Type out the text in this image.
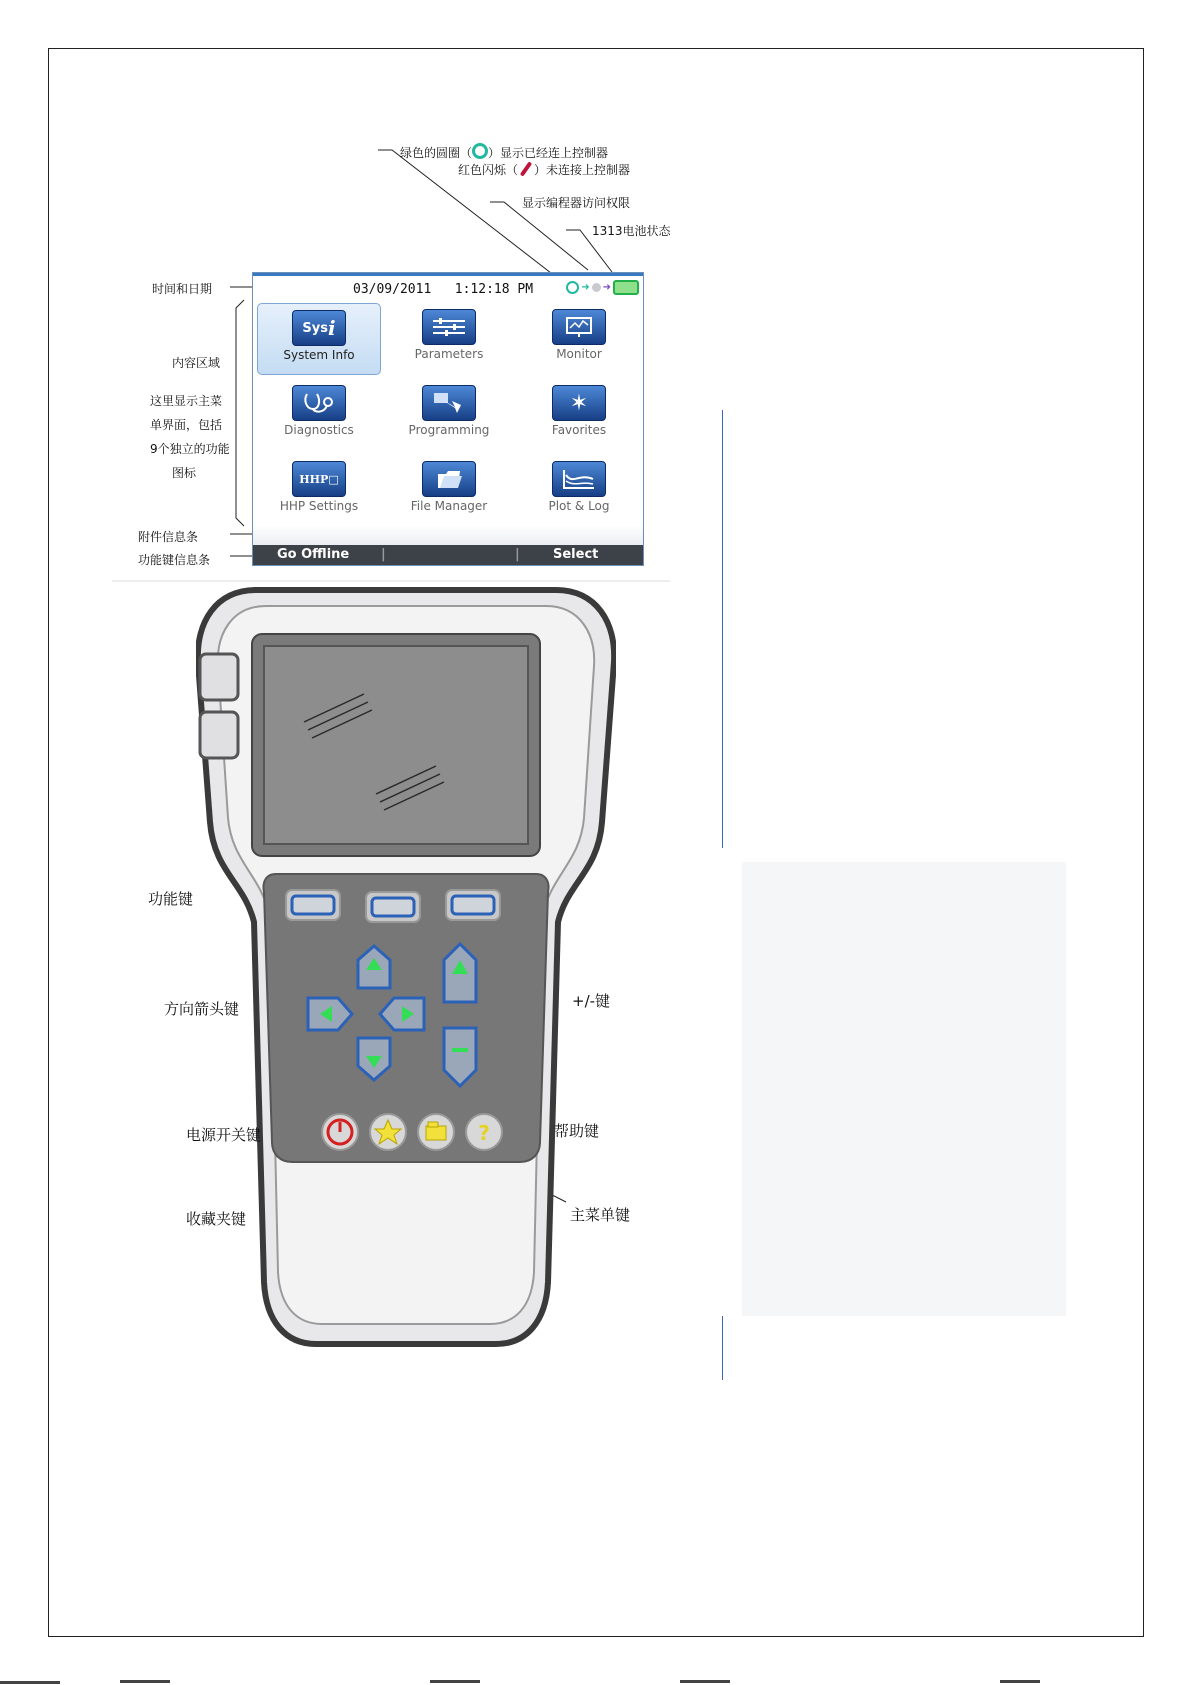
绿色的圆圈（ ）显示已经连上控制器
红色闪烁（ ）未连接上控制器
显示编程器访问权限
1313电池状态
时间和日期
内容区域
这里显示主菜
单界面，包括
9个独立的功能
图标
附件信息条
功能键信息条
03/09/2011 1:12:18 PM	➜ ➜
Sys i
System Info	Parameters	Monitor
Diagnostics	Programming
✶
Favorites
HHP□
HHP Settings	File Manager	Plot & Log
Go Offline |	|	Select
?
功能键
方向箭头键	+/-键
电源开关键	帮助键
收藏夹键	主菜单键
